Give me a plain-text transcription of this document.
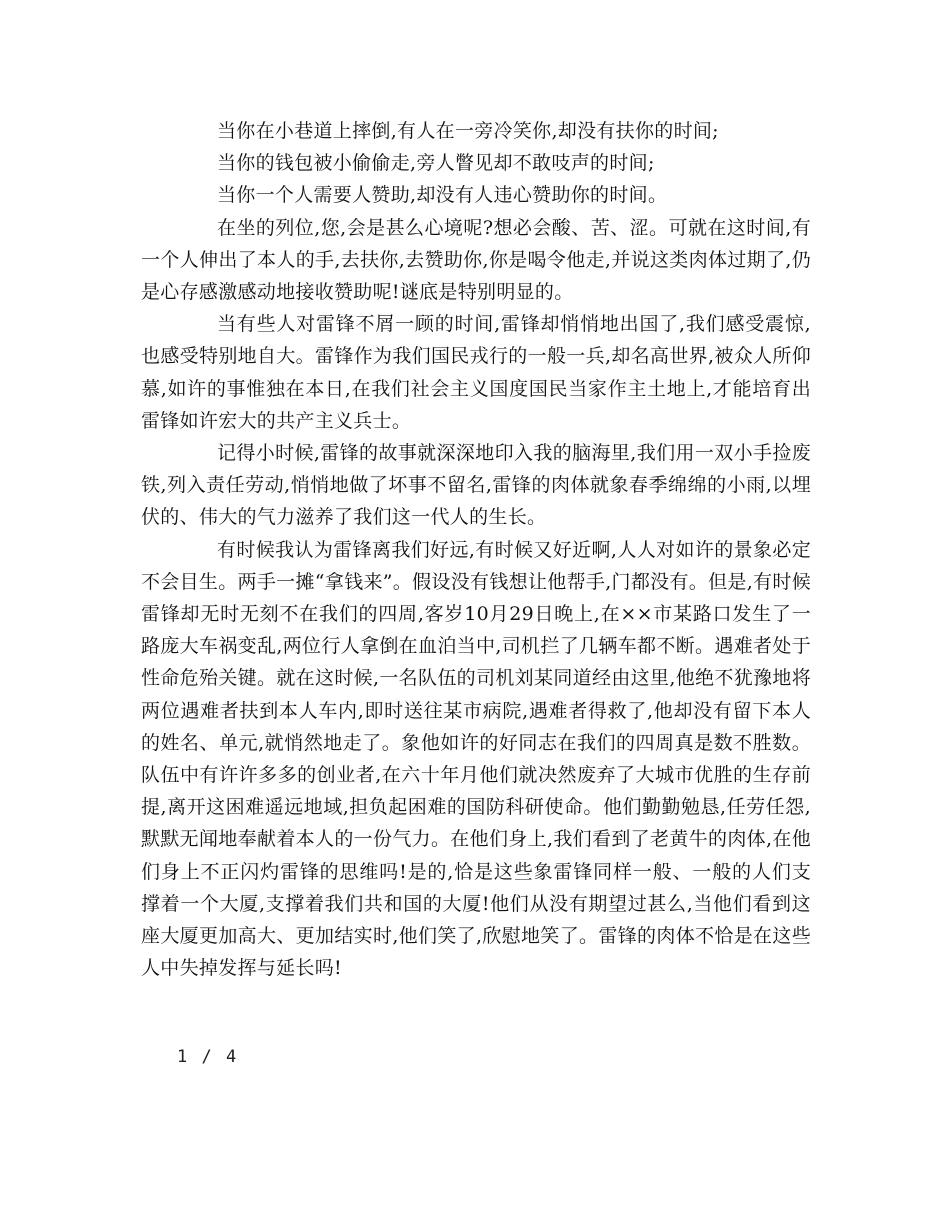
当你在小巷道上摔倒,有人在一旁冷笑你,却没有扶你的时间;

当你的钱包被小偷偷走,旁人瞥见却不敢吱声的时间;

当你一个人需要人赞助,却没有人违心赞助你的时间。

在坐的列位,您,会是甚么心境呢?想必会酸、苦、涩。可就在这时间,有一个人伸出了本人的手,去扶你,去赞助你,你是喝令他走,并说这类肉体过期了,仍是心存感激感动地接收赞助呢!谜底是特别明显的。

当有些人对雷锋不屑一顾的时间,雷锋却悄悄地出国了,我们感受震惊,也感受特别地自大。雷锋作为我们国民戎行的一般一兵,却名高世界,被众人所仰慕,如许的事惟独在本日,在我们社会主义国度国民当家作主土地上,才能培育出雷锋如许宏大的共产主义兵士。

记得小时候,雷锋的故事就深深地印入我的脑海里,我们用一双小手捡废铁,列入责任劳动,悄悄地做了坏事不留名,雷锋的肉体就象春季绵绵的小雨,以埋伏的、伟大的气力滋养了我们这一代人的生长。

有时候我认为雷锋离我们好远,有时候又好近啊,人人对如许的景象必定不会目生。两手一摊“拿钱来”。假设没有钱想让他帮手,门都没有。但是,有时候雷锋却无时无刻不在我们的四周,客岁10月29日晚上,在××市某路口发生了一路庞大车祸变乱,两位行人拿倒在血泊当中,司机拦了几辆车都不断。遇难者处于性命危殆关键。就在这时候,一名队伍的司机刘某同道经由这里,他绝不犹豫地将两位遇难者扶到本人车内,即时送往某市病院,遇难者得救了,他却没有留下本人的姓名、单元,就悄然地走了。象他如许的好同志在我们的四周真是数不胜数。队伍中有许许多多的创业者,在六十年月他们就决然废弃了大城市优胜的生存前提,离开这困难遥远地域,担负起困难的国防科研使命。他们勤勤勉恳,任劳任怨,默默无闻地奉献着本人的一份气力。在他们身上,我们看到了老黄牛的肉体,在他们身上不正闪灼雷锋的思维吗!是的,恰是这些象雷锋同样一般、一般的人们支撑着一个大厦,支撑着我们共和国的大厦!他们从没有期望过甚么,当他们看到这座大厦更加高大、更加结实时,他们笑了,欣慰地笑了。雷锋的肉体不恰是在这些人中失掉发挥与延长吗!

1 / 4
